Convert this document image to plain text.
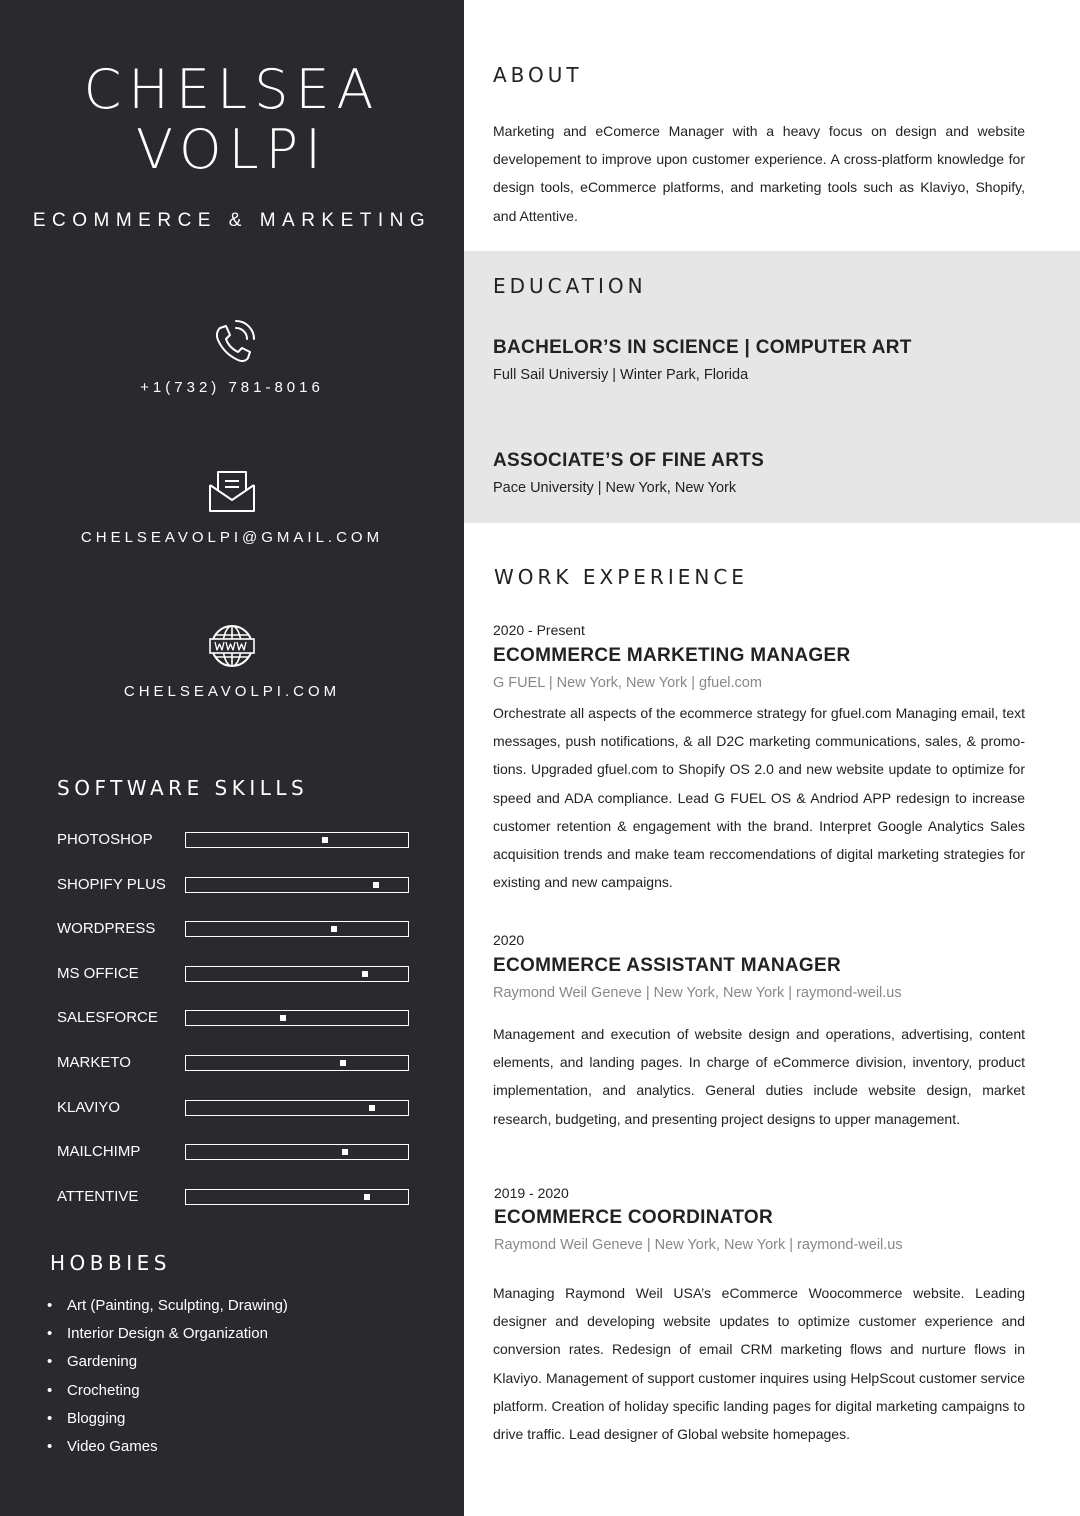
CHELSEA
VOLPI
ECOMMERCE & MARKETING
+1(732) 781-8016
CHELSEAVOLPI@GMAIL.COM
CHELSEAVOLPI.COM
SOFTWARE SKILLS
PHOTOSHOP
SHOPIFY PLUS
WORDPRESS
MS OFFICE
SALESFORCE
MARKETO
KLAVIYO
MAILCHIMP
ATTENTIVE
HOBBIES
• Art (Painting, Sculpting, Drawing)
• Interior Design & Organization
• Gardening
• Crocheting
• Blogging
• Video Games
ABOUT
Marketing and eComerce Manager with a heavy focus on design and website developement to improve upon customer experience. A cross-platform knowledge for design tools, eCommerce platforms, and marketing tools such as Klaviyo, Shopify, and Attentive.
EDUCATION
BACHELOR’S IN SCIENCE | COMPUTER ART
Full Sail Universiy | Winter Park, Florida
ASSOCIATE’S OF FINE ARTS
Pace University | New York, New York
WORK EXPERIENCE
2020 - Present
ECOMMERCE MARKETING MANAGER
G FUEL | New York, New York | gfuel.com
Orchestrate all aspects of the ecommerce strategy for gfuel.com Managing email, text messages, push notifications, & all D2C marketing communications, sales, & promo-tions. Upgraded gfuel.com to Shopify OS 2.0 and new website update to optimize for speed and ADA compliance. Lead G FUEL OS & Andriod APP redesign to increase customer retention & engagement with the brand. Interpret Google Analytics Sales acquisition trends and make team reccomendations of digital marketing strategies for existing and new campaigns.
2020
ECOMMERCE ASSISTANT MANAGER
Raymond Weil Geneve | New York, New York | raymond-weil.us
Management and execution of website design and operations, advertising, content elements, and landing pages. In charge of eCommerce division, inventory, product implementation, and analytics. General duties include website design, market research, budgeting, and presenting project designs to upper management.
2019 - 2020
ECOMMERCE COORDINATOR
Raymond Weil Geneve | New York, New York | raymond-weil.us
Managing Raymond Weil USA’s eCommerce Woocommerce website. Leading designer and developing website updates to optimize customer experience and conversion rates. Redesign of email CRM marketing flows and nurture flows in Klaviyo. Management of support customer inquires using HelpScout customer service platform. Creation of holiday specific landing pages for digital marketing campaigns to drive traffic. Lead designer of Global website homepages.
